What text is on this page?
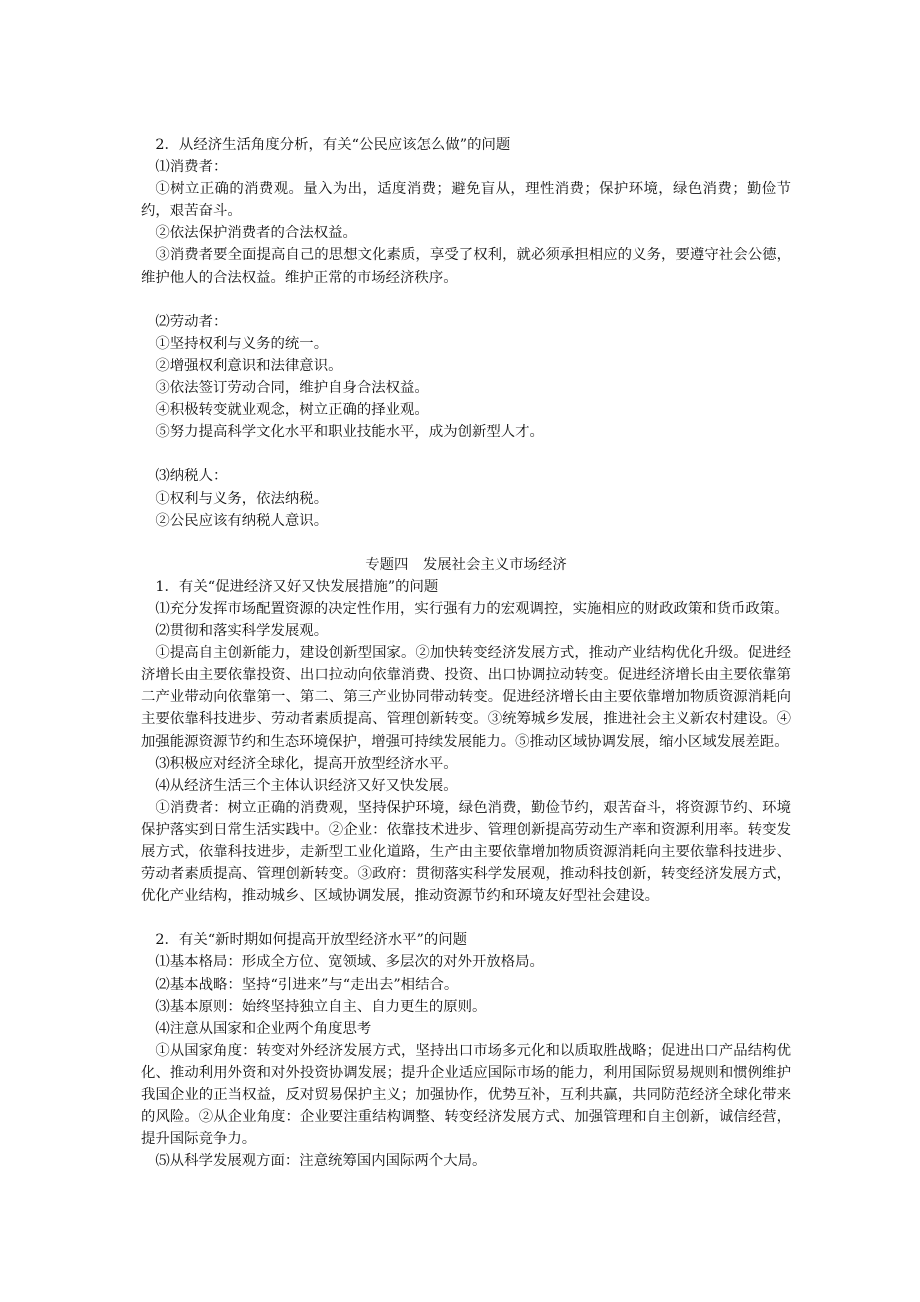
2．从经济生活角度分析，有关“公民应该怎么做”的问题

⑴消费者：

①树立正确的消费观。量入为出，适度消费；避免盲从，理性消费；保护环境，绿色消费；勤俭节约，艰苦奋斗。

②依法保护消费者的合法权益。

③消费者要全面提高自己的思想文化素质，享受了权利，就必须承担相应的义务，要遵守社会公德，维护他人的合法权益。维护正常的市场经济秩序。

⑵劳动者：

①坚持权利与义务的统一。

②增强权利意识和法律意识。

③依法签订劳动合同，维护自身合法权益。

④积极转变就业观念，树立正确的择业观。

⑤努力提高科学文化水平和职业技能水平，成为创新型人才。

⑶纳税人：

①权利与义务，依法纳税。

②公民应该有纳税人意识。

专题四　发展社会主义市场经济

1．有关“促进经济又好又快发展措施”的问题

⑴充分发挥市场配置资源的决定性作用，实行强有力的宏观调控，实施相应的财政政策和货币政策。

⑵贯彻和落实科学发展观。

①提高自主创新能力，建设创新型国家。②加快转变经济发展方式，推动产业结构优化升级。促进经济增长由主要依靠投资、出口拉动向依靠消费、投资、出口协调拉动转变。促进经济增长由主要依靠第二产业带动向依靠第一、第二、第三产业协同带动转变。促进经济增长由主要依靠增加物质资源消耗向主要依靠科技进步、劳动者素质提高、管理创新转变。③统筹城乡发展，推进社会主义新农村建设。④加强能源资源节约和生态环境保护，增强可持续发展能力。⑤推动区域协调发展，缩小区域发展差距。

⑶积极应对经济全球化，提高开放型经济水平。

⑷从经济生活三个主体认识经济又好又快发展。

①消费者：树立正确的消费观，坚持保护环境，绿色消费，勤俭节约，艰苦奋斗，将资源节约、环境保护落实到日常生活实践中。②企业：依靠技术进步、管理创新提高劳动生产率和资源利用率。转变发展方式，依靠科技进步，走新型工业化道路，生产由主要依靠增加物质资源消耗向主要依靠科技进步、劳动者素质提高、管理创新转变。③政府：贯彻落实科学发展观，推动科技创新，转变经济发展方式，优化产业结构，推动城乡、区域协调发展，推动资源节约和环境友好型社会建设。

2．有关“新时期如何提高开放型经济水平”的问题

⑴基本格局：形成全方位、宽领域、多层次的对外开放格局。

⑵基本战略：坚持“引进来”与“走出去”相结合。

⑶基本原则：始终坚持独立自主、自力更生的原则。

⑷注意从国家和企业两个角度思考

①从国家角度：转变对外经济发展方式，坚持出口市场多元化和以质取胜战略；促进出口产品结构优化、推动利用外资和对外投资协调发展；提升企业适应国际市场的能力，利用国际贸易规则和惯例维护我国企业的正当权益，反对贸易保护主义；加强协作，优势互补，互利共赢，共同防范经济全球化带来的风险。②从企业角度：企业要注重结构调整、转变经济发展方式、加强管理和自主创新，诚信经营，提升国际竞争力。

⑸从科学发展观方面：注意统筹国内国际两个大局。
